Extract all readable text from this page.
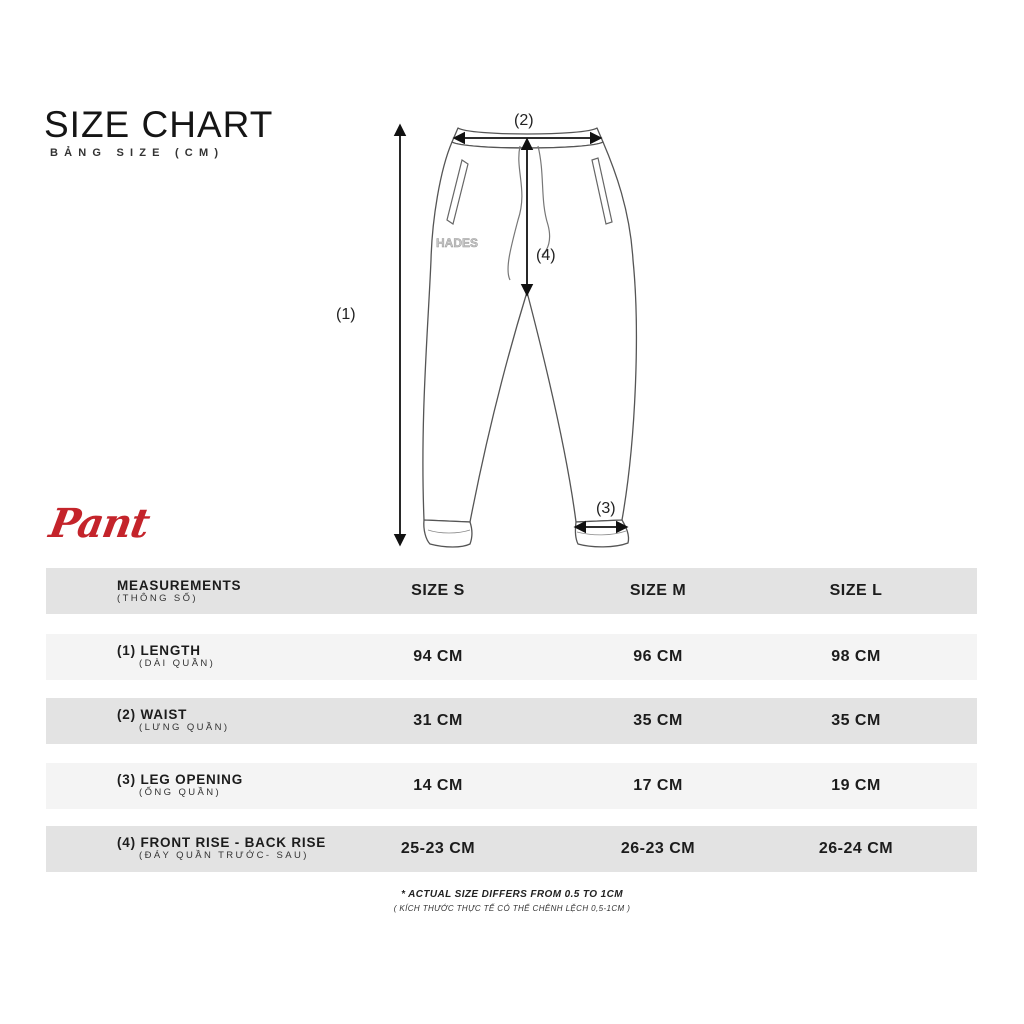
SIZE CHART
BẢNG SIZE (CM)
HADES
(1)
(2)
(3)
(4)
Pant
MEASUREMENTS
(THÔNG SỐ)	SIZE S	SIZE M	SIZE L
(1) LENGTH
(DÀI QUẦN)	94 CM	96 CM	98 CM
(2) WAIST
(LƯNG QUẦN)	31 CM	35 CM	35 CM
(3) LEG OPENING
(ỐNG QUẦN)	14 CM	17 CM	19 CM
(4) FRONT RISE - BACK RISE
(ĐÁY QUẦN TRƯỚC- SAU)	25-23 CM	26-23 CM	26-24 CM
* ACTUAL SIZE DIFFERS FROM 0.5 TO 1CM
( KÍCH THƯỚC THỰC TẾ CÓ THỂ CHÊNH LỆCH 0,5-1CM )
